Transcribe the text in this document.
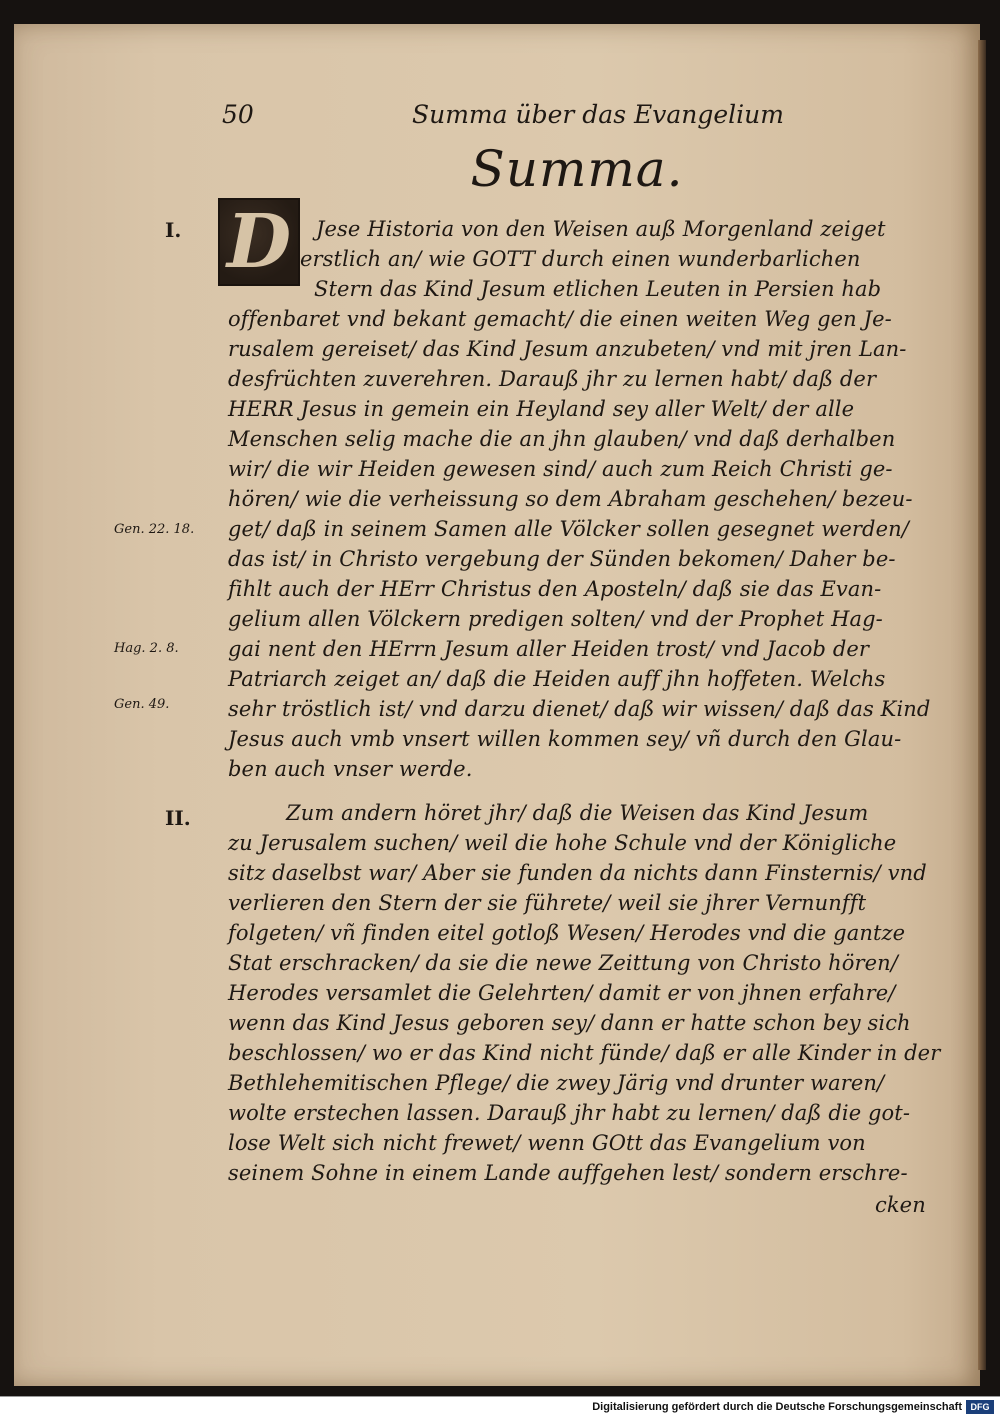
50	Summa über das Evangelium
Summa.
D
I.
Gen. 22. 18.
Hag. 2. 8.
Gen. 49.
II.
Jese Historia von den Weisen auß Morgenland zeiget
erstlich an/ wie GOTT durch einen wunderbarlichen
Stern das Kind Jesum etlichen Leuten in Persien hab
offenbaret vnd bekant gemacht/ die einen weiten Weg gen Je-
rusalem gereiset/ das Kind Jesum anzubeten/ vnd mit jren Lan-
desfrüchten zuverehren. Darauß jhr zu lernen habt/ daß der
HERR Jesus in gemein ein Heyland sey aller Welt/ der alle
Menschen selig mache die an jhn glauben/ vnd daß derhalben
wir/ die wir Heiden gewesen sind/ auch zum Reich Christi ge-
hören/ wie die verheissung so dem Abraham geschehen/ bezeu-
get/ daß in seinem Samen alle Völcker sollen gesegnet werden/
das ist/ in Christo vergebung der Sünden bekomen/ Daher be-
fihlt auch der HErr Christus den Aposteln/ daß sie das Evan-
gelium allen Völckern predigen solten/ vnd der Prophet Hag-
gai nent den HErrn Jesum aller Heiden trost/ vnd Jacob der
Patriarch zeiget an/ daß die Heiden auff jhn hoffeten. Welchs
sehr tröstlich ist/ vnd darzu dienet/ daß wir wissen/ daß das Kind
Jesus auch vmb vnsert willen kommen sey/ vñ durch den Glau-
ben auch vnser werde.
Zum andern höret jhr/ daß die Weisen das Kind Jesum
zu Jerusalem suchen/ weil die hohe Schule vnd der Königliche
sitz daselbst war/ Aber sie funden da nichts dann Finsternis/ vnd
verlieren den Stern der sie führete/ weil sie jhrer Vernunfft
folgeten/ vñ finden eitel gotloß Wesen/ Herodes vnd die gantze
Stat erschracken/ da sie die newe Zeittung von Christo hören/
Herodes versamlet die Gelehrten/ damit er von jhnen erfahre/
wenn das Kind Jesus geboren sey/ dann er hatte schon bey sich
beschlossen/ wo er das Kind nicht fünde/ daß er alle Kinder in der
Bethlehemitischen Pflege/ die zwey Järig vnd drunter waren/
wolte erstechen lassen. Darauß jhr habt zu lernen/ daß die got-
lose Welt sich nicht frewet/ wenn GOtt das Evangelium von
seinem Sohne in einem Lande auffgehen lest/ sondern erschre-
cken
Digitalisierung gefördert durch die Deutsche Forschungsgemeinschaft DFG
